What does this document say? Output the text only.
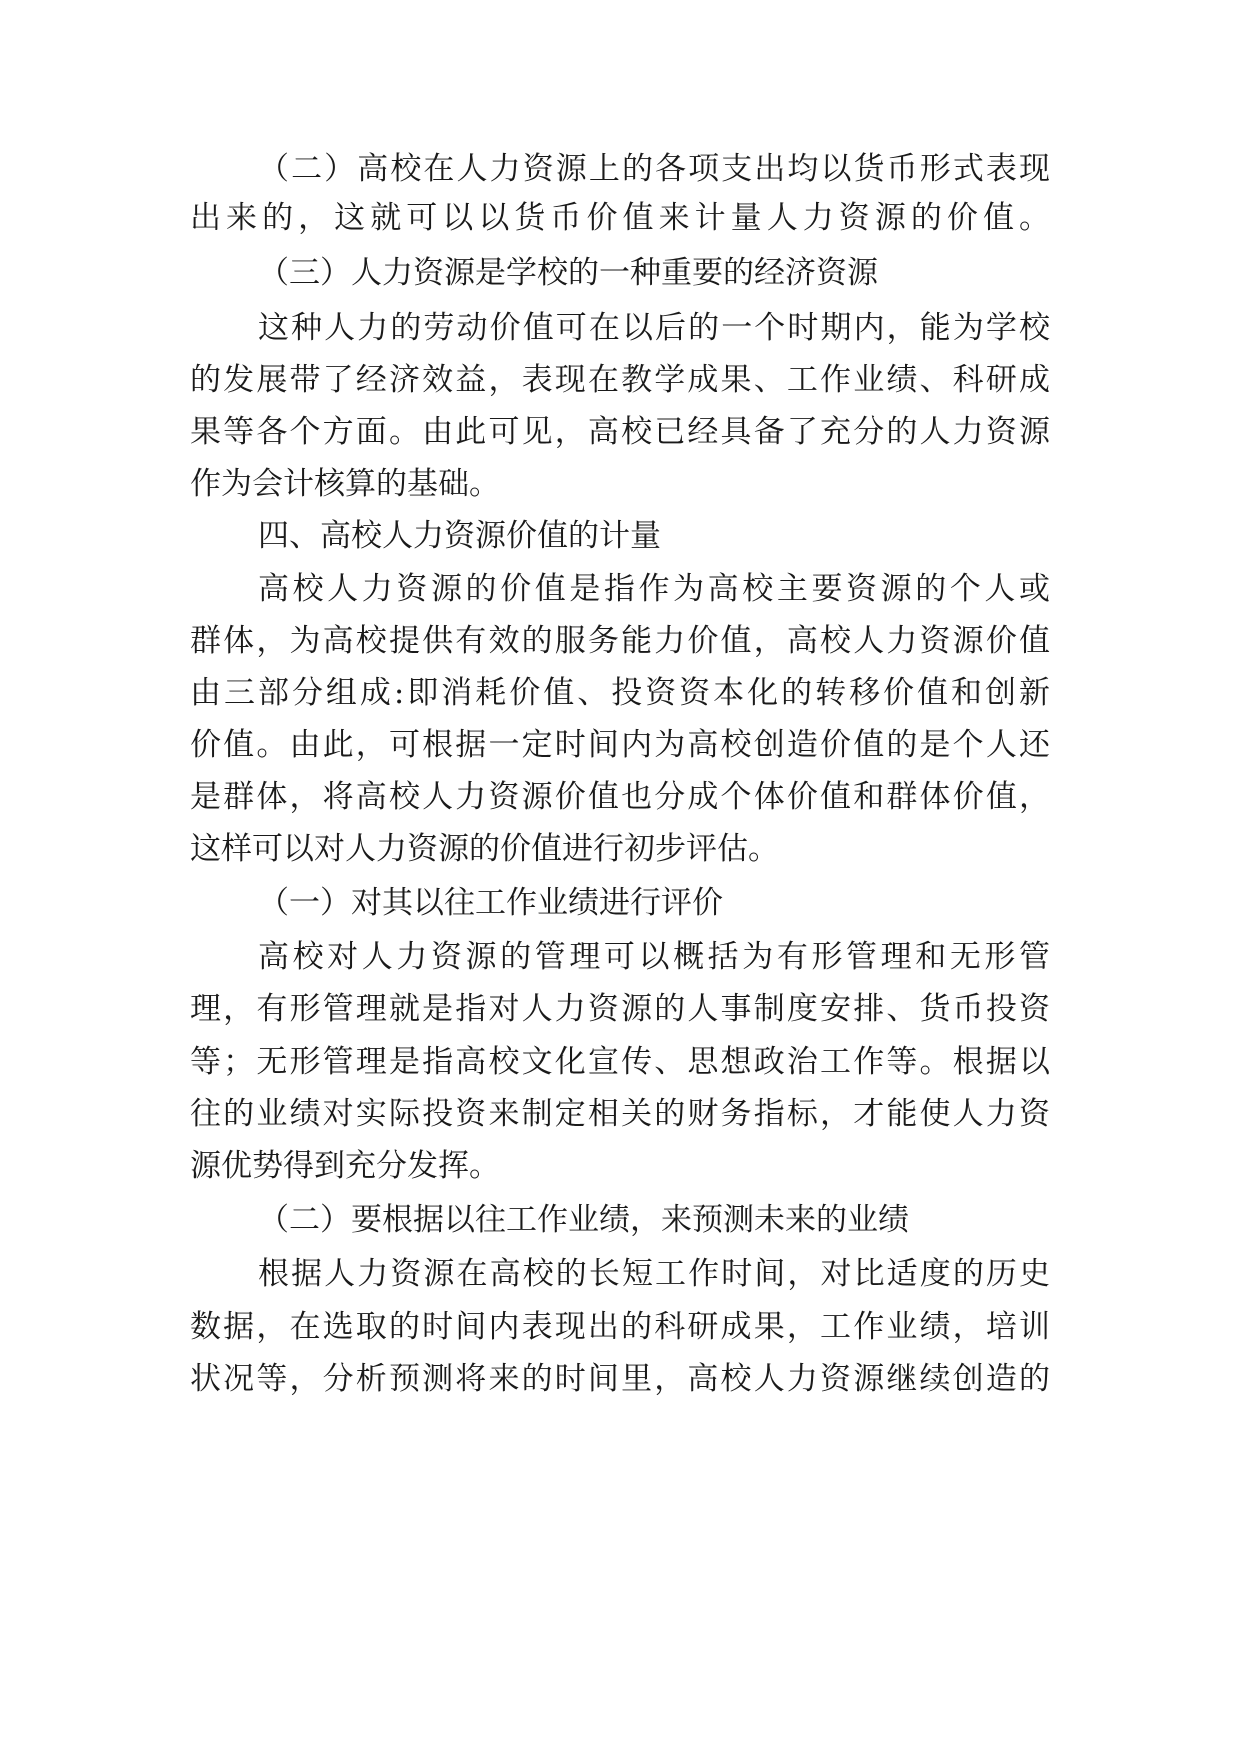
（二）高校在人力资源上的各项支出均以货币形式表现
出来的，这就可以以货币价值来计量人力资源的价值。
（三）人力资源是学校的一种重要的经济资源
这种人力的劳动价值可在以后的一个时期内，能为学校
的发展带了经济效益，表现在教学成果、工作业绩、科研成
果等各个方面。由此可见，高校已经具备了充分的人力资源
作为会计核算的基础。
四、高校人力资源价值的计量
高校人力资源的价值是指作为高校主要资源的个人或
群体，为高校提供有效的服务能力价值，高校人力资源价值
由三部分组成:即消耗价值、投资资本化的转移价值和创新
价值。由此，可根据一定时间内为高校创造价值的是个人还
是群体，将高校人力资源价值也分成个体价值和群体价值，
这样可以对人力资源的价值进行初步评估。
（一）对其以往工作业绩进行评价
高校对人力资源的管理可以概括为有形管理和无形管
理，有形管理就是指对人力资源的人事制度安排、货币投资
等；无形管理是指高校文化宣传、思想政治工作等。根据以
往的业绩对实际投资来制定相关的财务指标，才能使人力资
源优势得到充分发挥。
（二）要根据以往工作业绩，来预测未来的业绩
根据人力资源在高校的长短工作时间，对比适度的历史
数据，在选取的时间内表现出的科研成果，工作业绩，培训
状况等，分析预测将来的时间里，高校人力资源继续创造的
